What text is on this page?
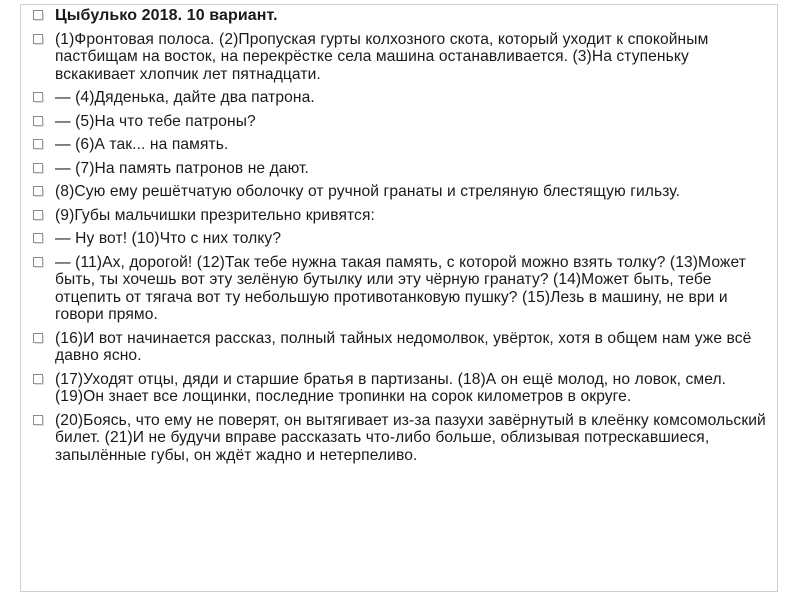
Цыбулько 2018. 10 вариант.
(1)Фронтовая полоса. (2)Пропуская гурты колхозного скота, который уходит к спокойным пастбищам на восток, на перекрёстке села машина останавливается. (3)На ступеньку вскакивает хлопчик лет пятнадцати.
— (4)Дяденька, дайте два патрона.
— (5)На что тебе патроны?
— (6)А так... на память.
— (7)На память патронов не дают.
(8)Сую ему решётчатую оболочку от ручной гранаты и стреляную блестящую гильзу.
(9)Губы мальчишки презрительно кривятся:
— Ну вот! (10)Что с них толку?
— (11)Ах, дорогой! (12)Так тебе нужна такая память, с которой можно взять толку? (13)Может быть, ты хочешь вот эту зелёную бутылку или эту чёрную гранату? (14)Может быть, тебе отцепить от тягача вот ту небольшую противотанковую пушку? (15)Лезь в машину, не ври и говори прямо.
(16)И вот начинается рассказ, полный тайных недомолвок, увёрток, хотя в общем нам уже всё давно ясно.
(17)Уходят отцы, дяди и старшие братья в партизаны. (18)А он ещё молод, но ловок, смел. (19)Он знает все лощинки, последние тропинки на сорок километров в округе.
(20)Боясь, что ему не поверят, он вытягивает из-за пазухи завёрнутый в клеёнку комсомольский билет. (21)И не будучи вправе рассказать что-либо больше, облизывая потрескавшиеся, запылённые губы, он ждёт жадно и нетерпеливо.
